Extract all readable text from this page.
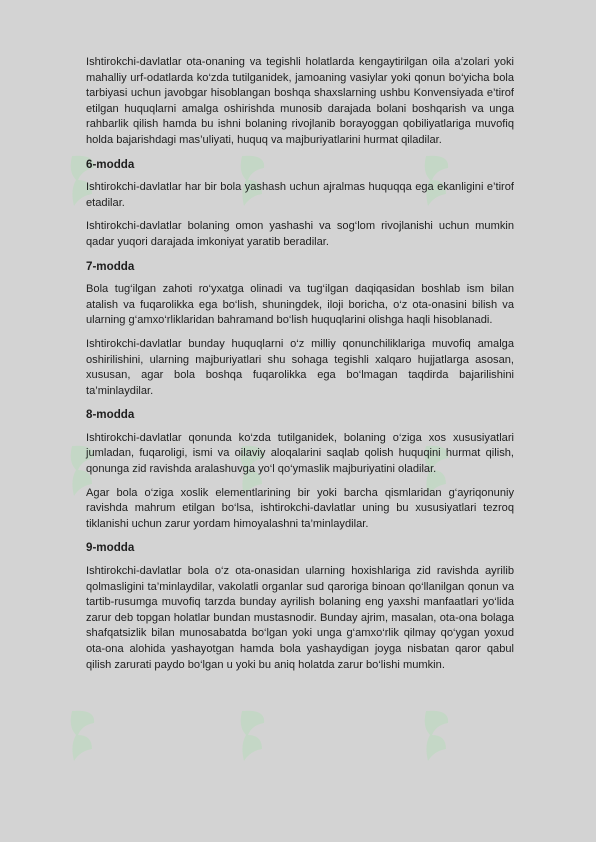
Ishtirokchi-davlatlar ota-onaning va tegishli holatlarda kengaytirilgan oila a’zolari yoki mahalliy urf-odatlarda ko‘zda tutilganidek, jamoaning vasiylar yoki qonun bo‘yicha bola tarbiyasi uchun javobgar hisoblangan boshqa shaxslarning ushbu Konvensiyada e’tirof etilgan huquqlarni amalga oshirishda munosib darajada bolani boshqarish va unga rahbarlik qilish hamda bu ishni bolaning rivojlanib borayoggan qobiliyatlariga muvofiq holda bajarishdagi mas’uliyati, huquq va majburiyatlarini hurmat qiladilar.

6-modda

Ishtirokchi-davlatlar har bir bola yashash uchun ajralmas huquqqa ega ekanligini e’tirof etadilar.

Ishtirokchi-davlatlar bolaning omon yashashi va sog‘lom rivojlanishi uchun mumkin qadar yuqori darajada imkoniyat yaratib beradilar.

7-modda

Bola tug‘ilgan zahoti ro‘yxatga olinadi va tug‘ilgan daqiqasidan boshlab ism bilan atalish va fuqarolikka ega bo‘lish, shuningdek, iloji boricha, o‘z ota-onasini bilish va ularning g‘amxo‘rliklaridan bahramand bo‘lish huquqlarini olishga haqli hisoblanadi.

Ishtirokchi-davlatlar bunday huquqlarni o‘z milliy qonunchiliklariga muvofiq amalga oshirilishini, ularning majburiyatlari shu sohaga tegishli xalqaro hujjatlarga asosan, xususan, agar bola boshqa fuqarolikka ega bo‘lmagan taqdirda bajarilishini ta’minlaydilar.

8-modda

Ishtirokchi-davlatlar qonunda ko‘zda tutilganidek, bolaning o‘ziga xos xususiyatlari jumladan, fuqaroligi, ismi va oilaviy aloqalarini saqlab qolish huquqini hurmat qilish, qonunga zid ravishda aralashuvga yo‘l qo‘ymaslik majburiyatini oladilar.

Agar bola o‘ziga xoslik elementlarining bir yoki barcha qismlaridan g‘ayriqonuniy ravishda mahrum etilgan bo‘lsa, ishtirokchi-davlatlar uning bu xususiyatlari tezroq tiklanishi uchun zarur yordam himoyalashni ta’minlaydilar.

9-modda

Ishtirokchi-davlatlar bola o‘z ota-onasidan ularning hoxishlariga zid ravishda ayrilib qolmasligini ta’minlaydilar, vakolatli organlar sud qaroriga binoan qo‘llanilgan qonun va tartib-rusumga muvofiq tarzda bunday ayrilish bolaning eng yaxshi manfaatlari yo‘lida zarur deb topgan holatlar bundan mustasnodir. Bunday ajrim, masalan, ota-ona bolaga shafqatsizlik bilan munosabatda bo‘lgan yoki unga g‘amxo‘rlik qilmay qo‘ygan yoxud ota-ona alohida yashayotgan hamda bola yashaydigan joyga nisbatan qaror qabul qilish zarurati paydo bo‘lgan u yoki bu aniq holatda zarur bo‘lishi mumkin.
